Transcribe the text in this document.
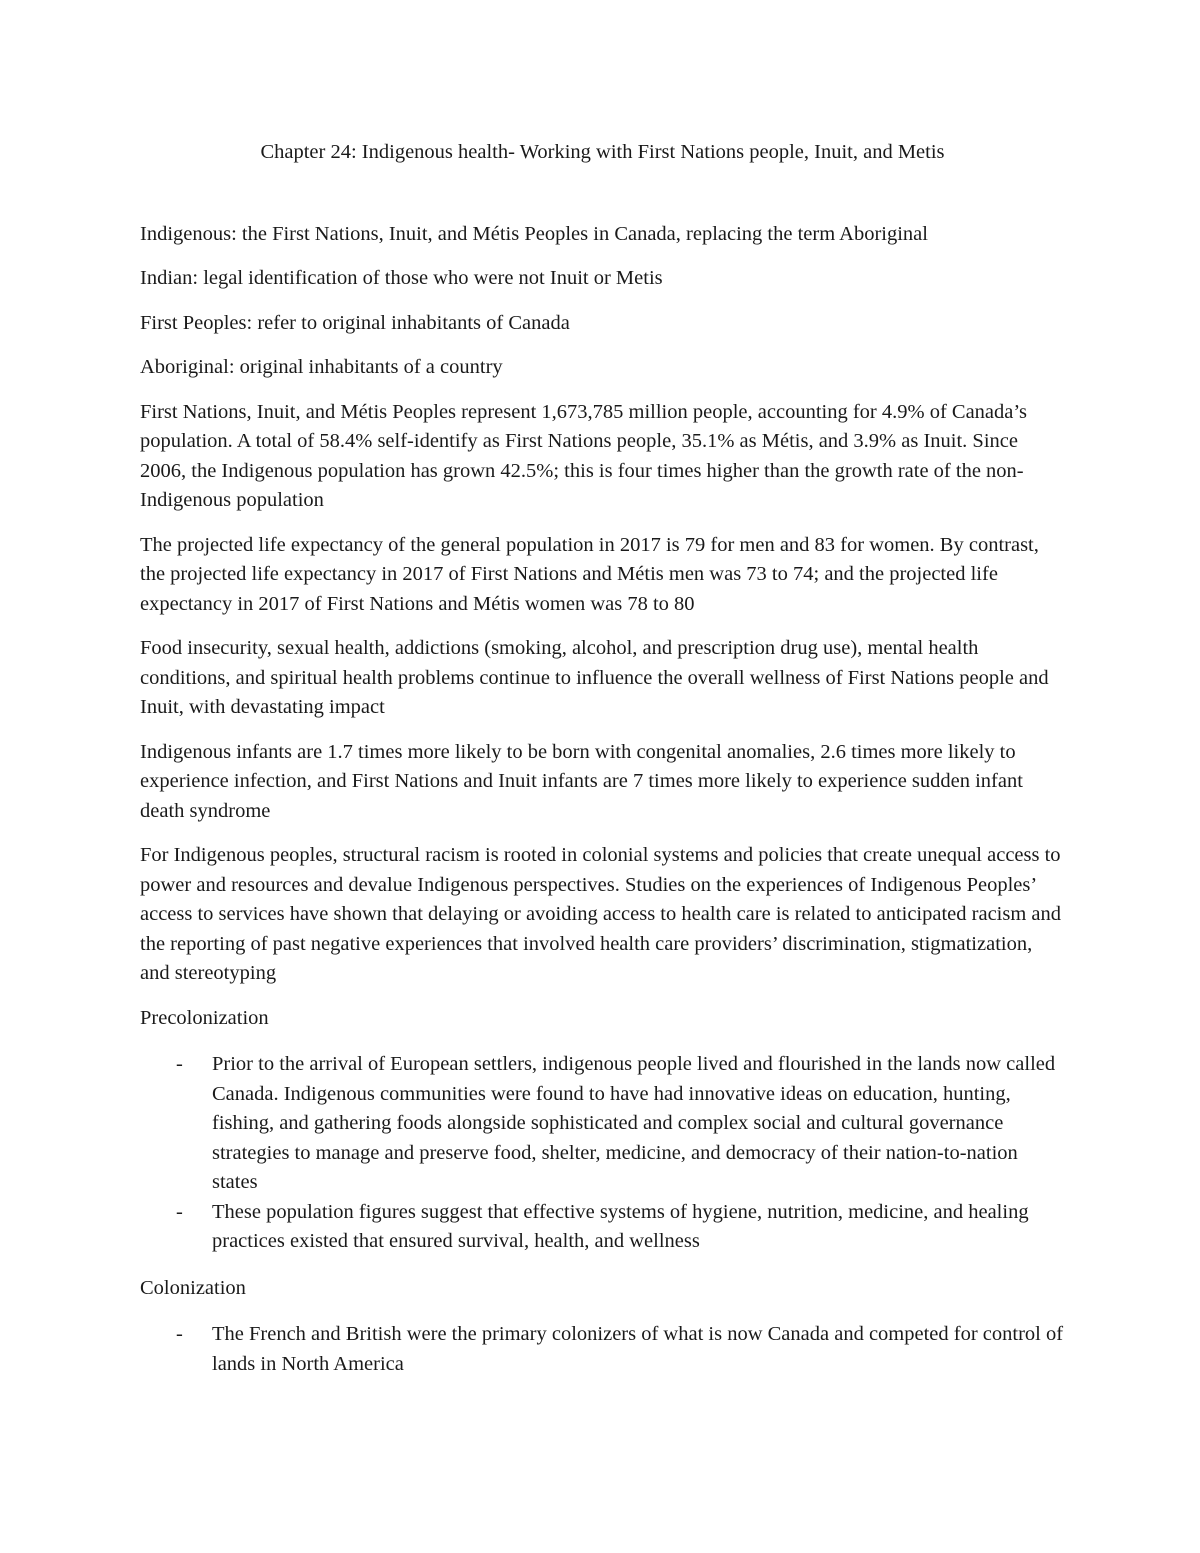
Chapter 24: Indigenous health- Working with First Nations people, Inuit, and Metis

Indigenous: the First Nations, Inuit, and Métis Peoples in Canada, replacing the term Aboriginal

Indian: legal identification of those who were not Inuit or Metis

First Peoples: refer to original inhabitants of Canada

Aboriginal: original inhabitants of a country

First Nations, Inuit, and Métis Peoples represent 1,673,785 million people, accounting for 4.9% of Canada’s population. A total of 58.4% self-identify as First Nations people, 35.1% as Métis, and 3.9% as Inuit. Since 2006, the Indigenous population has grown 42.5%; this is four times higher than the growth rate of the non-Indigenous population

The projected life expectancy of the general population in 2017 is 79 for men and 83 for women. By contrast, the projected life expectancy in 2017 of First Nations and Métis men was 73 to 74; and the projected life expectancy in 2017 of First Nations and Métis women was 78 to 80

Food insecurity, sexual health, addictions (smoking, alcohol, and prescription drug use), mental health conditions, and spiritual health problems continue to influence the overall wellness of First Nations people and Inuit, with devastating impact

Indigenous infants are 1.7 times more likely to be born with congenital anomalies, 2.6 times more likely to experience infection, and First Nations and Inuit infants are 7 times more likely to experience sudden infant death syndrome

For Indigenous peoples, structural racism is rooted in colonial systems and policies that create unequal access to power and resources and devalue Indigenous perspectives. Studies on the experiences of Indigenous Peoples’ access to services have shown that delaying or avoiding access to health care is related to anticipated racism and the reporting of past negative experiences that involved health care providers’ discrimination, stigmatization, and stereotyping

Precolonization

- Prior to the arrival of European settlers, indigenous people lived and flourished in the lands now called Canada. Indigenous communities were found to have had innovative ideas on education, hunting, fishing, and gathering foods alongside sophisticated and complex social and cultural governance strategies to manage and preserve food, shelter, medicine, and democracy of their nation-to-nation states
- These population figures suggest that effective systems of hygiene, nutrition, medicine, and healing practices existed that ensured survival, health, and wellness

Colonization

- The French and British were the primary colonizers of what is now Canada and competed for control of lands in North America
